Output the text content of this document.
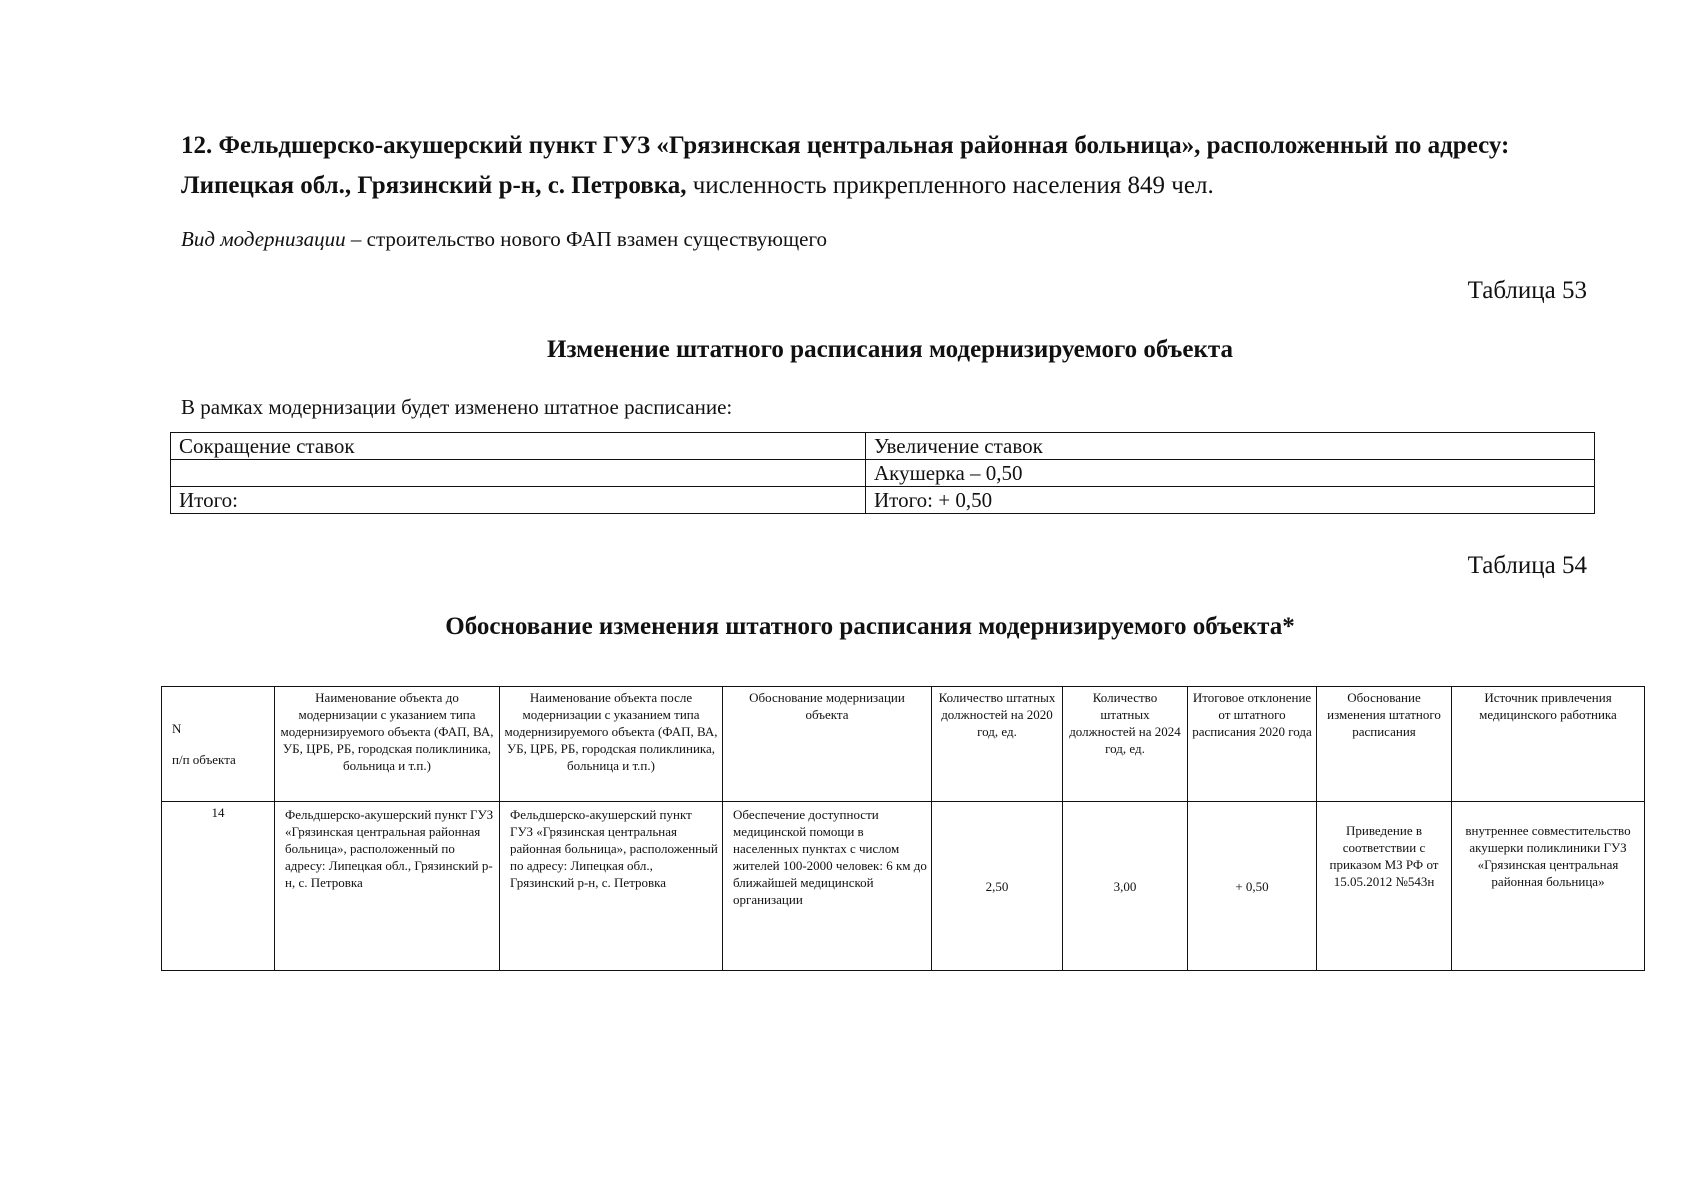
12. Фельдшерско-акушерский пункт ГУЗ «Грязинская центральная районная больница», расположенный по адресу: Липецкая обл., Грязинский р-н, с. Петровка, численность прикрепленного населения 849 чел.
Вид модернизации – строительство нового ФАП взамен существующего
Таблица 53
Изменение штатного расписания модернизируемого объекта
В рамках модернизации будет изменено штатное расписание:
Сокращение ставок	Увеличение ставок
	Акушерка – 0,50
Итого:	Итого: + 0,50
Таблица 54
Обоснование изменения штатного расписания модернизируемого объекта*
N
п/п объекта	Наименование объекта до модернизации с указанием типа модернизируемого объекта (ФАП, ВА, УБ, ЦРБ, РБ, городская поликлиника, больница и т.п.)	Наименование объекта после модернизации с указанием типа модернизируемого объекта (ФАП, ВА, УБ, ЦРБ, РБ, городская поликлиника, больница и т.п.)	Обоснование модернизации объекта	Количество штатных должностей на 2020 год, ед.	Количество штатных должностей на 2024 год, ед.	Итоговое отклонение от штатного расписания 2020 года	Обоснование изменения штатного расписания	Источник привлечения медицинского работника
14	Фельдшерско-акушерский пункт ГУЗ «Грязинская центральная районная больница», расположенный по адресу: Липецкая обл., Грязинский р-н, с. Петровка	Фельдшерско-акушерский пункт ГУЗ «Грязинская центральная районная больница», расположенный по адресу: Липецкая обл., Грязинский р-н, с. Петровка	Обеспечение доступности медицинской помощи в населенных пунктах с числом жителей 100-2000 человек: 6 км до ближайшей медицинской организации	2,50	3,00	+ 0,50	Приведение в соответствии с приказом МЗ РФ от 15.05.2012 №543н	внутреннее совместительство акушерки поликлиники ГУЗ «Грязинская центральная районная больница»
